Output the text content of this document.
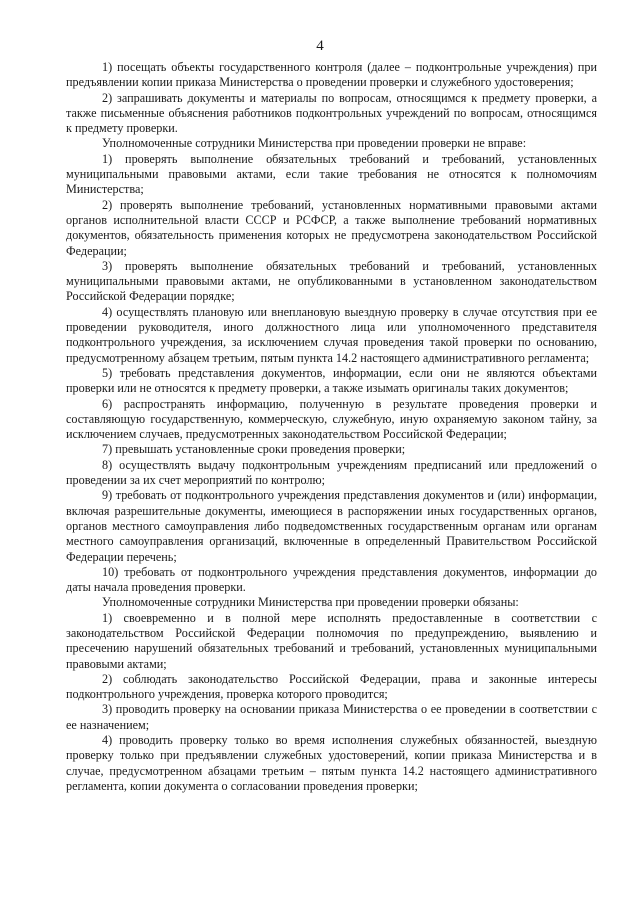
4

1) посещать объекты государственного контроля (далее – подконтрольные учреждения) при предъявлении копии приказа Министерства о проведении проверки и служебного удостоверения;

2) запрашивать документы и материалы по вопросам, относящимся к предмету проверки, а также письменные объяснения работников подконтрольных учреждений по вопросам, относящимся к предмету проверки.

Уполномоченные сотрудники Министерства при проведении проверки не вправе:

1) проверять выполнение обязательных требований и требований, установленных муниципальными правовыми актами, если такие требования не относятся к полномочиям Министерства;

2) проверять выполнение требований, установленных нормативными правовыми актами органов исполнительной власти СССР и РСФСР, а также выполнение требований нормативных документов, обязательность применения которых не предусмотрена законодательством Российской Федерации;

3) проверять выполнение обязательных требований и требований, установленных муниципальными правовыми актами, не опубликованными в установленном законодательством Российской Федерации порядке;

4) осуществлять плановую или внеплановую выездную проверку в случае отсутствия при ее проведении руководителя, иного должностного лица или уполномоченного представителя подконтрольного учреждения, за исключением случая проведения такой проверки по основанию, предусмотренному абзацем третьим, пятым пункта 14.2 настоящего административного регламента;

5) требовать представления документов, информации, если они не являются объектами проверки или не относятся к предмету проверки, а также изымать оригиналы таких документов;

6) распространять информацию, полученную в результате проведения проверки и составляющую государственную, коммерческую, служебную, иную охраняемую законом тайну, за исключением случаев, предусмотренных законодательством Российской Федерации;

7) превышать установленные сроки проведения проверки;

8) осуществлять выдачу подконтрольным учреждениям предписаний или предложений о проведении за их счет мероприятий по контролю;

9) требовать от подконтрольного учреждения представления документов и (или) информации, включая разрешительные документы, имеющиеся в распоряжении иных государственных органов, органов местного самоуправления либо подведомственных государственным органам или органам местного самоуправления организаций, включенные в определенный Правительством Российской Федерации перечень;

10) требовать от подконтрольного учреждения представления документов, информации до даты начала проведения проверки.

Уполномоченные сотрудники Министерства при проведении проверки обязаны:

1) своевременно и в полной мере исполнять предоставленные в соответствии с законодательством Российской Федерации полномочия по предупреждению, выявлению и пресечению нарушений обязательных требований и требований, установленных муниципальными правовыми актами;

2) соблюдать законодательство Российской Федерации, права и законные интересы подконтрольного учреждения, проверка которого проводится;

3) проводить проверку на основании приказа Министерства о ее проведении в соответствии с ее назначением;

4) проводить проверку только во время исполнения служебных обязанностей, выездную проверку только при предъявлении служебных удостоверений, копии приказа Министерства и в случае, предусмотренном абзацами третьим – пятым пункта 14.2 настоящего административного регламента, копии документа о согласовании проведения проверки;
